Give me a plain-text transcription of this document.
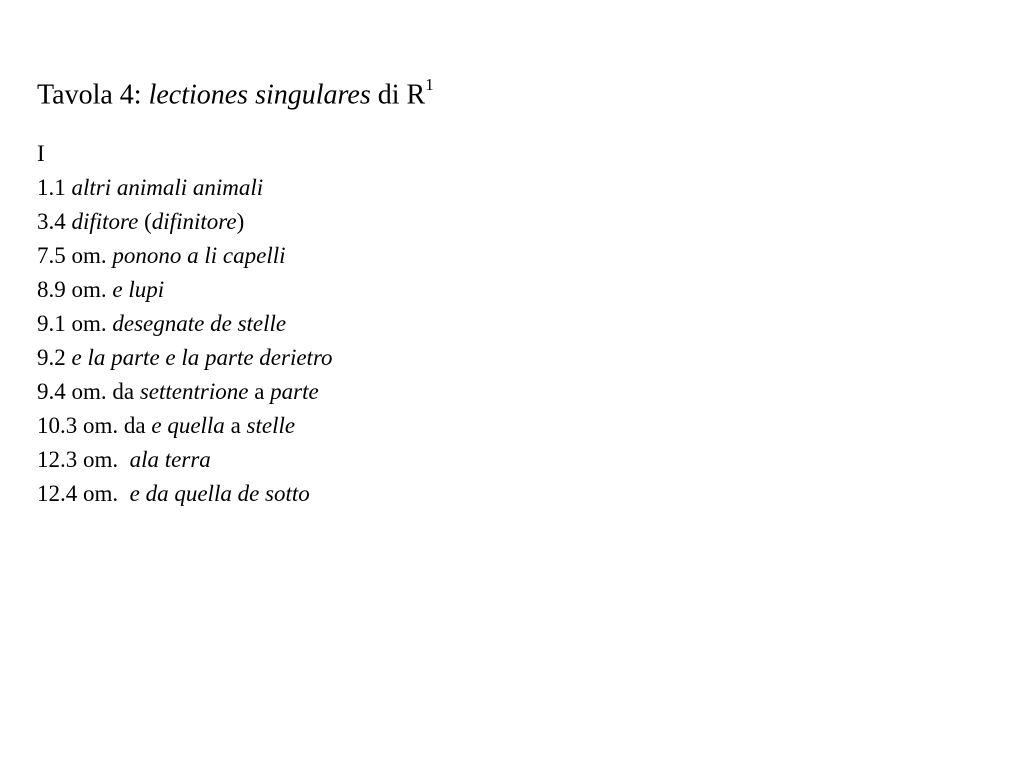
Tavola 4: lectiones singulares di $R^1$
I
1.1 altri animali animali
3.4 difitore (difinitore)
7.5 om. ponono a li capelli
8.9 om. e lupi
9.1 om. desegnate de stelle
9.2 e la parte e la parte derietro
9.4 om. da settentrione a parte
10.3 om. da e quella a stelle
12.3 om.  ala terra
12.4 om.  e da quella de sotto
